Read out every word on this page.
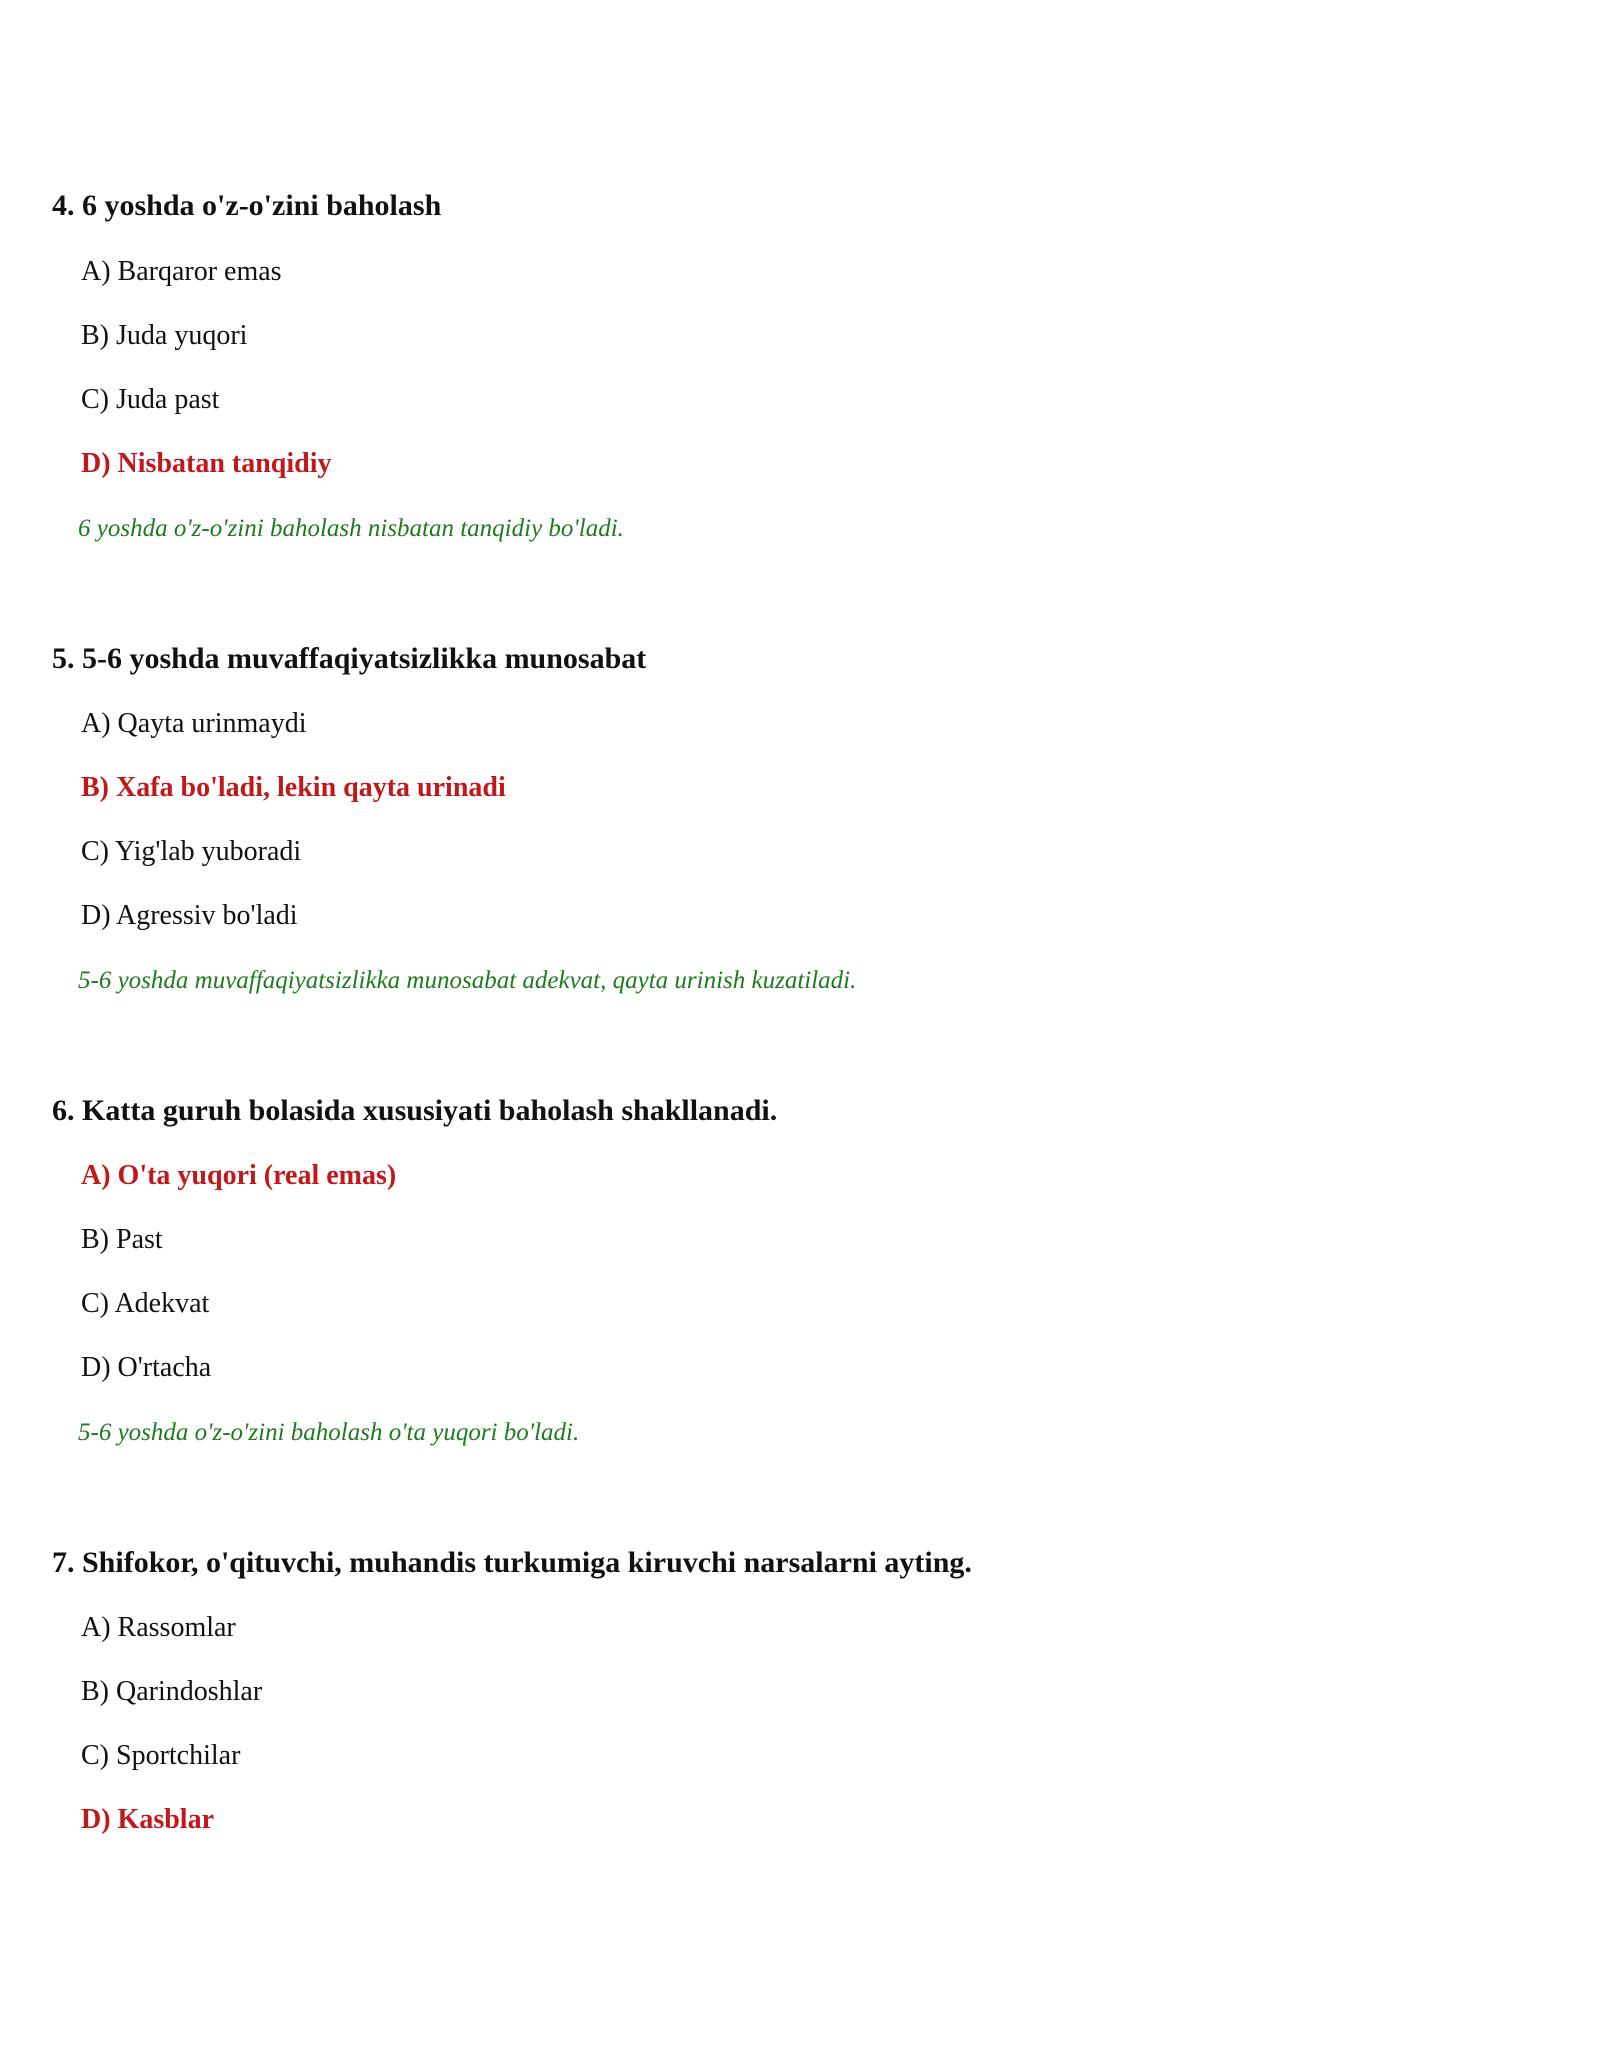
4. 6 yoshda o'z-o'zini baholash
A) Barqaror emas
B) Juda yuqori
C) Juda past
D) Nisbatan tanqidiy
6 yoshda o'z-o'zini baholash nisbatan tanqidiy bo'ladi.
5. 5-6 yoshda muvaffaqiyatsizlikka munosabat
A) Qayta urinmaydi
B) Xafa bo'ladi, lekin qayta urinadi
C) Yig'lab yuboradi
D) Agressiv bo'ladi
5-6 yoshda muvaffaqiyatsizlikka munosabat adekvat, qayta urinish kuzatiladi.
6. Katta guruh bolasida xususiyati baholash shakllanadi.
A) O'ta yuqori (real emas)
B) Past
C) Adekvat
D) O'rtacha
5-6 yoshda o'z-o'zini baholash o'ta yuqori bo'ladi.
7. Shifokor, o'qituvchi, muhandis turkumiga kiruvchi narsalarni ayting.
A) Rassomlar
B) Qarindoshlar
C) Sportchilar
D) Kasblar
